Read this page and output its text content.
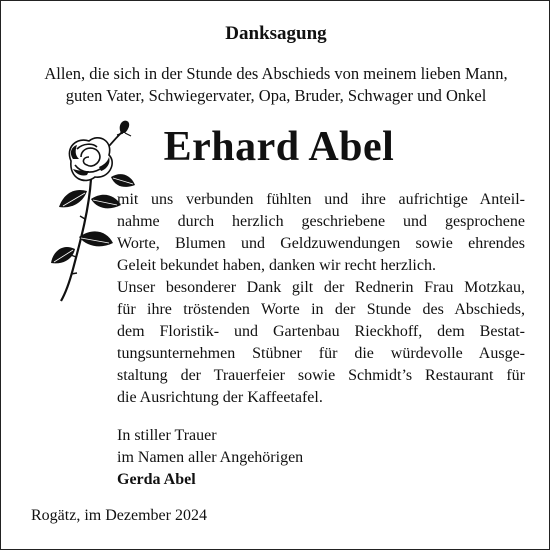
Danksagung
Allen, die sich in der Stunde des Abschieds von meinem lieben Mann,
guten Vater, Schwiegervater, Opa, Bruder, Schwager und Onkel
Erhard Abel
mit uns verbunden fühlten und ihre aufrichtige Anteil-
nahme durch herzlich geschriebene und gesprochene
Worte, Blumen und Geldzuwendungen sowie ehrendes
Geleit bekundet haben, danken wir recht herzlich.
Unser besonderer Dank gilt der Rednerin Frau Motzkau,
für ihre tröstenden Worte in der Stunde des Abschieds,
dem Floristik- und Gartenbau Rieckhoff, dem Bestat-
tungsunternehmen Stübner für die würdevolle Ausge-
staltung der Trauerfeier sowie Schmidt’s Restaurant für
die Ausrichtung der Kaffeetafel.
In stiller Trauer
im Namen aller Angehörigen
Gerda Abel
Rogätz, im Dezember 2024
